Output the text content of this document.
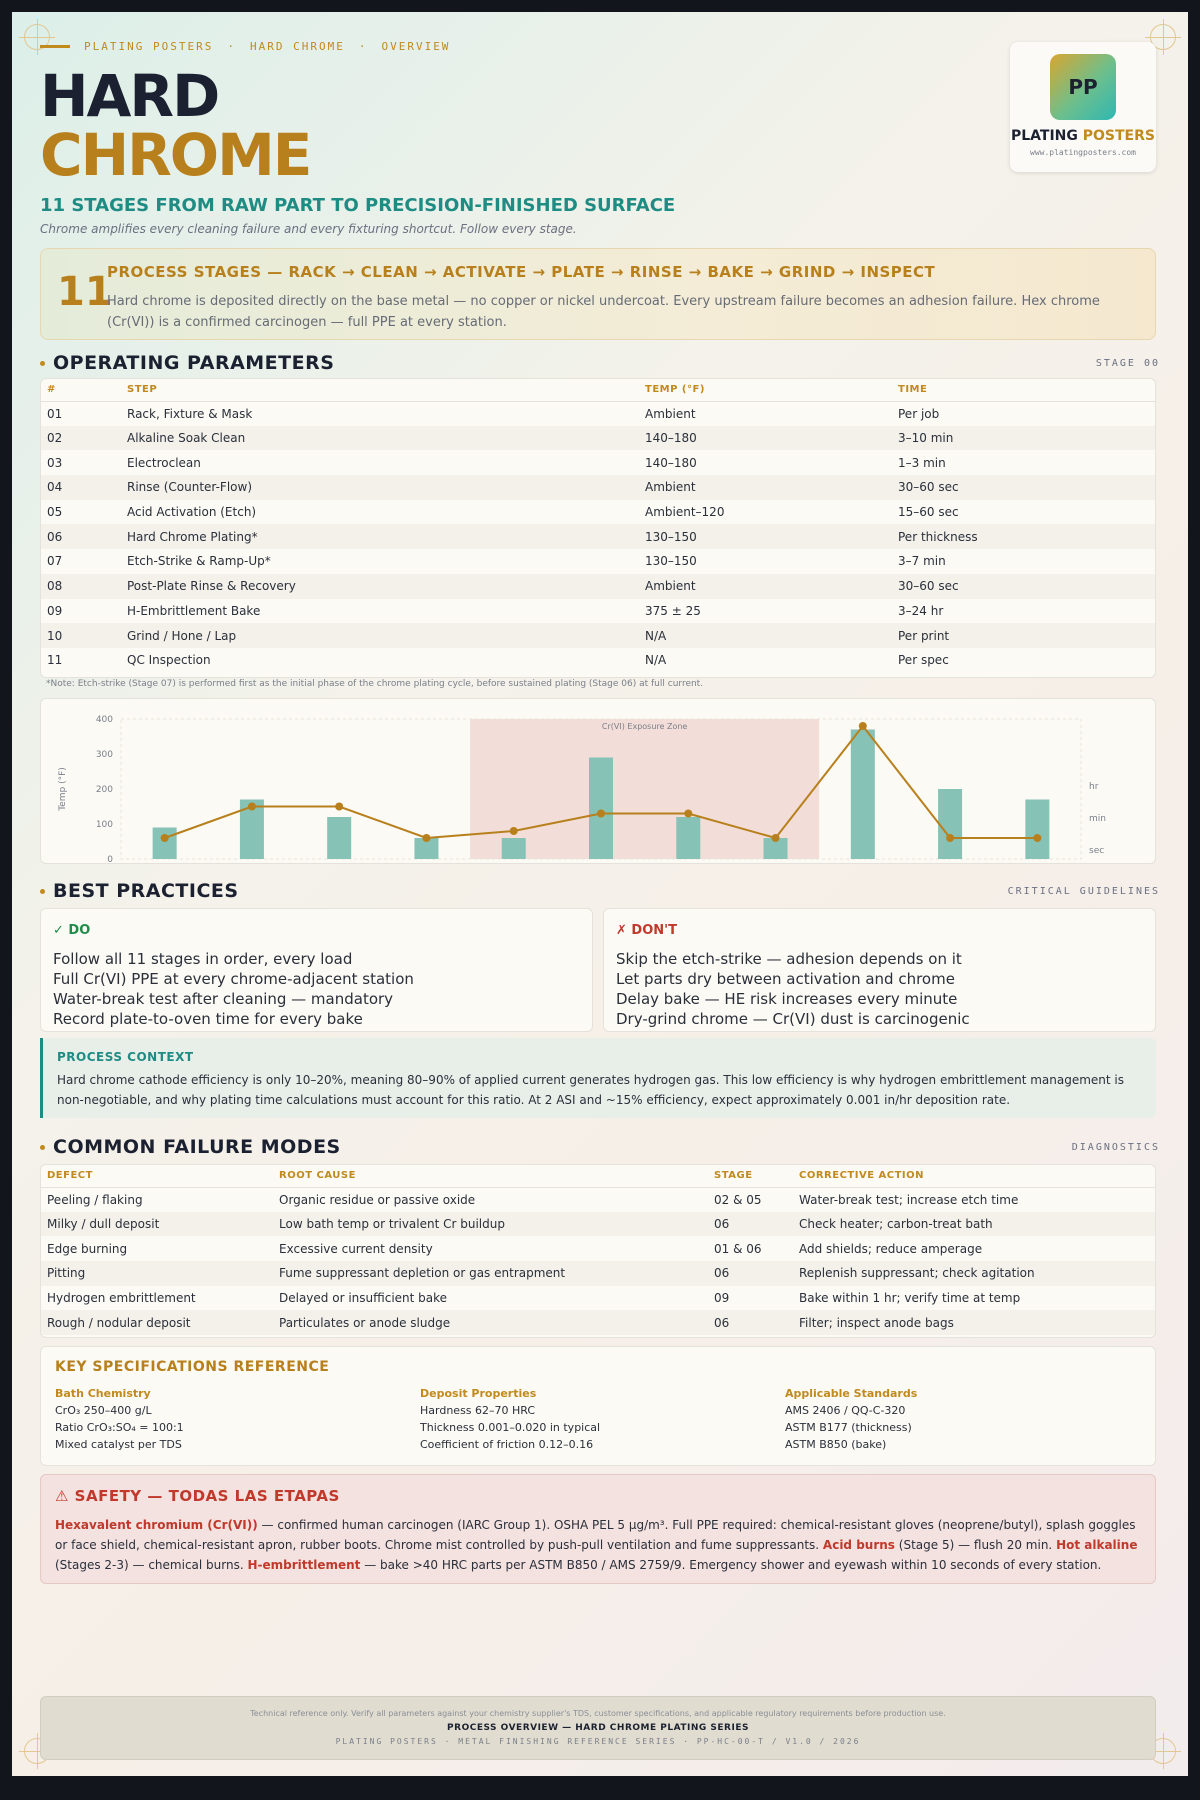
PLATING POSTERS · HARD CHROME · OVERVIEW
HARD
CHROME
11 STAGES FROM RAW PART TO PRECISION-FINISHED SURFACE
Chrome amplifies every cleaning failure and every fixturing shortcut. Follow every stage.
PP
PLATING POSTERS
www.platingposters.com
11
PROCESS STAGES — RACK → CLEAN → ACTIVATE → PLATE → RINSE → BAKE → GRIND → INSPECT
Hard chrome is deposited directly on the base metal — no copper or nickel undercoat. Every upstream failure becomes an adhesion failure. Hex chrome (Cr(VI)) is a confirmed carcinogen — full PPE at every station.
OPERATING PARAMETERS	STAGE 00
#	STEP	TEMP (°F)	TIME
01	Rack, Fixture & Mask	Ambient	Per job
02	Alkaline Soak Clean	140–180	3–10 min
03	Electroclean	140–180	1–3 min
04	Rinse (Counter-Flow)	Ambient	30–60 sec
05	Acid Activation (Etch)	Ambient–120	15–60 sec
06	Hard Chrome Plating*	130–150	Per thickness
07	Etch-Strike & Ramp-Up*	130–150	3–7 min
08	Post-Plate Rinse & Recovery	Ambient	30–60 sec
09	H-Embrittlement Bake	375 ± 25	3–24 hr
10	Grind / Hone / Lap	N/A	Per print
11	QC Inspection	N/A	Per spec
*Note: Etch-strike (Stage 07) is performed first as the initial phase of the chrome plating cycle, before sustained plating (Stage 06) at full current.
Cr(VI) Exposure Zone
0
100
200
300
400
Temp (°F)	hr
min
sec
BEST PRACTICES	CRITICAL GUIDELINES
✓ DO
Follow all 11 stages in order, every load
Full Cr(VI) PPE at every chrome-adjacent station
Water-break test after cleaning — mandatory
Record plate-to-oven time for every bake
✗ DON'T
Skip the etch-strike — adhesion depends on it
Let parts dry between activation and chrome
Delay bake — HE risk increases every minute
Dry-grind chrome — Cr(VI) dust is carcinogenic
PROCESS CONTEXT
Hard chrome cathode efficiency is only 10–20%, meaning 80–90% of applied current generates hydrogen gas. This low efficiency is why hydrogen embrittlement management is non-negotiable, and why plating time calculations must account for this ratio. At 2 ASI and ~15% efficiency, expect approximately 0.001 in/hr deposition rate.
COMMON FAILURE MODES	DIAGNOSTICS
DEFECT	ROOT CAUSE	STAGE	CORRECTIVE ACTION
Peeling / flaking	Organic residue or passive oxide	02 & 05	Water-break test; increase etch time
Milky / dull deposit	Low bath temp or trivalent Cr buildup	06	Check heater; carbon-treat bath
Edge burning	Excessive current density	01 & 06	Add shields; reduce amperage
Pitting	Fume suppressant depletion or gas entrapment	06	Replenish suppressant; check agitation
Hydrogen embrittlement	Delayed or insufficient bake	09	Bake within 1 hr; verify time at temp
Rough / nodular deposit	Particulates or anode sludge	06	Filter; inspect anode bags
KEY SPECIFICATIONS REFERENCE
Bath Chemistry
CrO₃ 250–400 g/L
Ratio CrO₃:SO₄ = 100:1
Mixed catalyst per TDS
Deposit Properties
Hardness 62–70 HRC
Thickness 0.001–0.020 in typical
Coefficient of friction 0.12–0.16
Applicable Standards
AMS 2406 / QQ-C-320
ASTM B177 (thickness)
ASTM B850 (bake)
⚠ SAFETY — TODAS LAS ETAPAS
Hexavalent chromium (Cr(VI)) — confirmed human carcinogen (IARC Group 1). OSHA PEL 5 µg/m³. Full PPE required: chemical-resistant gloves (neoprene/butyl), splash goggles or face shield, chemical-resistant apron, rubber boots. Chrome mist controlled by push-pull ventilation and fume suppressants. Acid burns (Stage 5) — flush 20 min. Hot alkaline (Stages 2-3) — chemical burns. H-embrittlement — bake >40 HRC parts per ASTM B850 / AMS 2759/9. Emergency shower and eyewash within 10 seconds of every station.
Technical reference only. Verify all parameters against your chemistry supplier's TDS, customer specifications, and applicable regulatory requirements before production use.
PROCESS OVERVIEW — HARD CHROME PLATING SERIES
PLATING POSTERS · METAL FINISHING REFERENCE SERIES · PP-HC-00-T / V1.0 / 2026
